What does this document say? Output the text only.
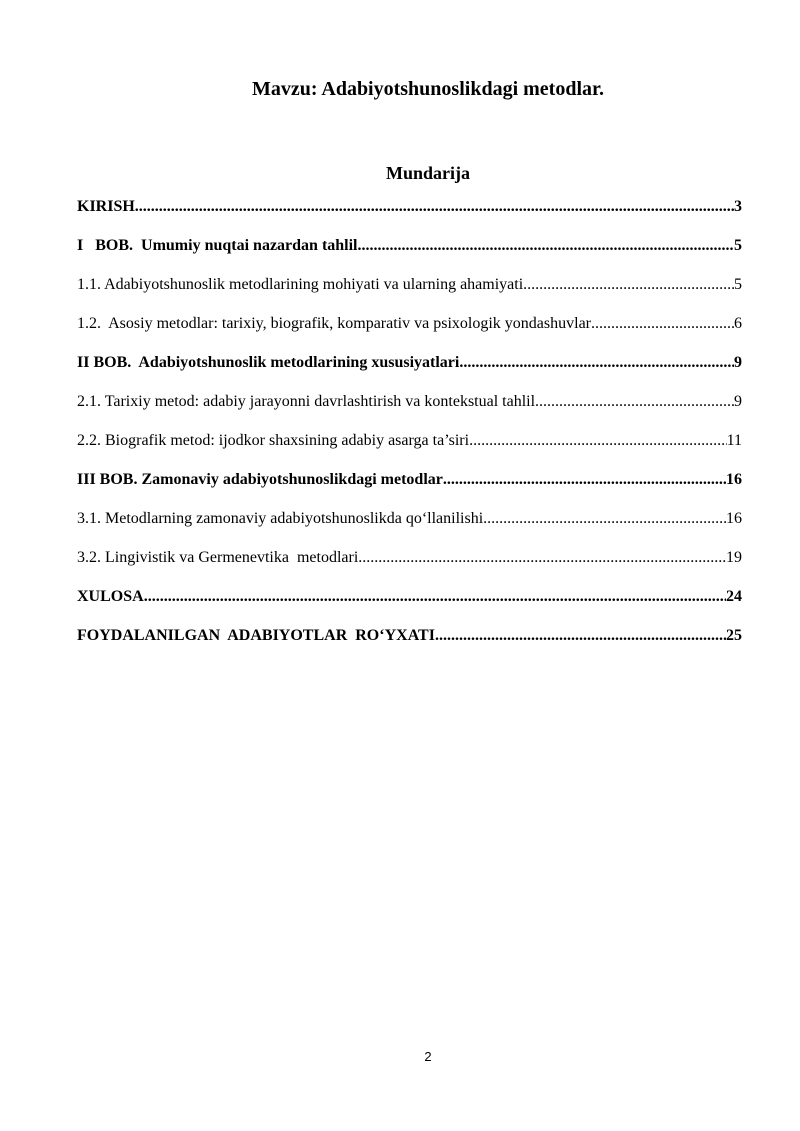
Mavzu: Adabiyotshunoslikdagi metodlar.
Mundarija
KIRISH .....	3
I   BOB.  Umumiy nuqtai nazardan tahlil .....	5
1.1. Adabiyotshunoslik metodlarining mohiyati va ularning ahamiyati .....	5
1.2.  Asosiy metodlar: tarixiy, biografik, komparativ va psixologik yondashuvlar .....	6
II BOB.  Adabiyotshunoslik metodlarining xususiyatlari .....	9
2.1. Tarixiy metod: adabiy jarayonni davrlashtirish va kontekstual tahlil .....	9
2.2. Biografik metod: ijodkor shaxsining adabiy asarga ta’siri .....	11
III BOB. Zamonaviy adabiyotshunoslikdagi metodlar .....	16
3.1. Metodlarning zamonaviy adabiyotshunoslikda qo‘llanilishi .....	16
3.2. Lingivistik va Germenevtika  metodlari .....	19
XULOSA .....	24
FOYDALANILGAN  ADABIYOTLAR  RO‘YXATI .....	25
2
